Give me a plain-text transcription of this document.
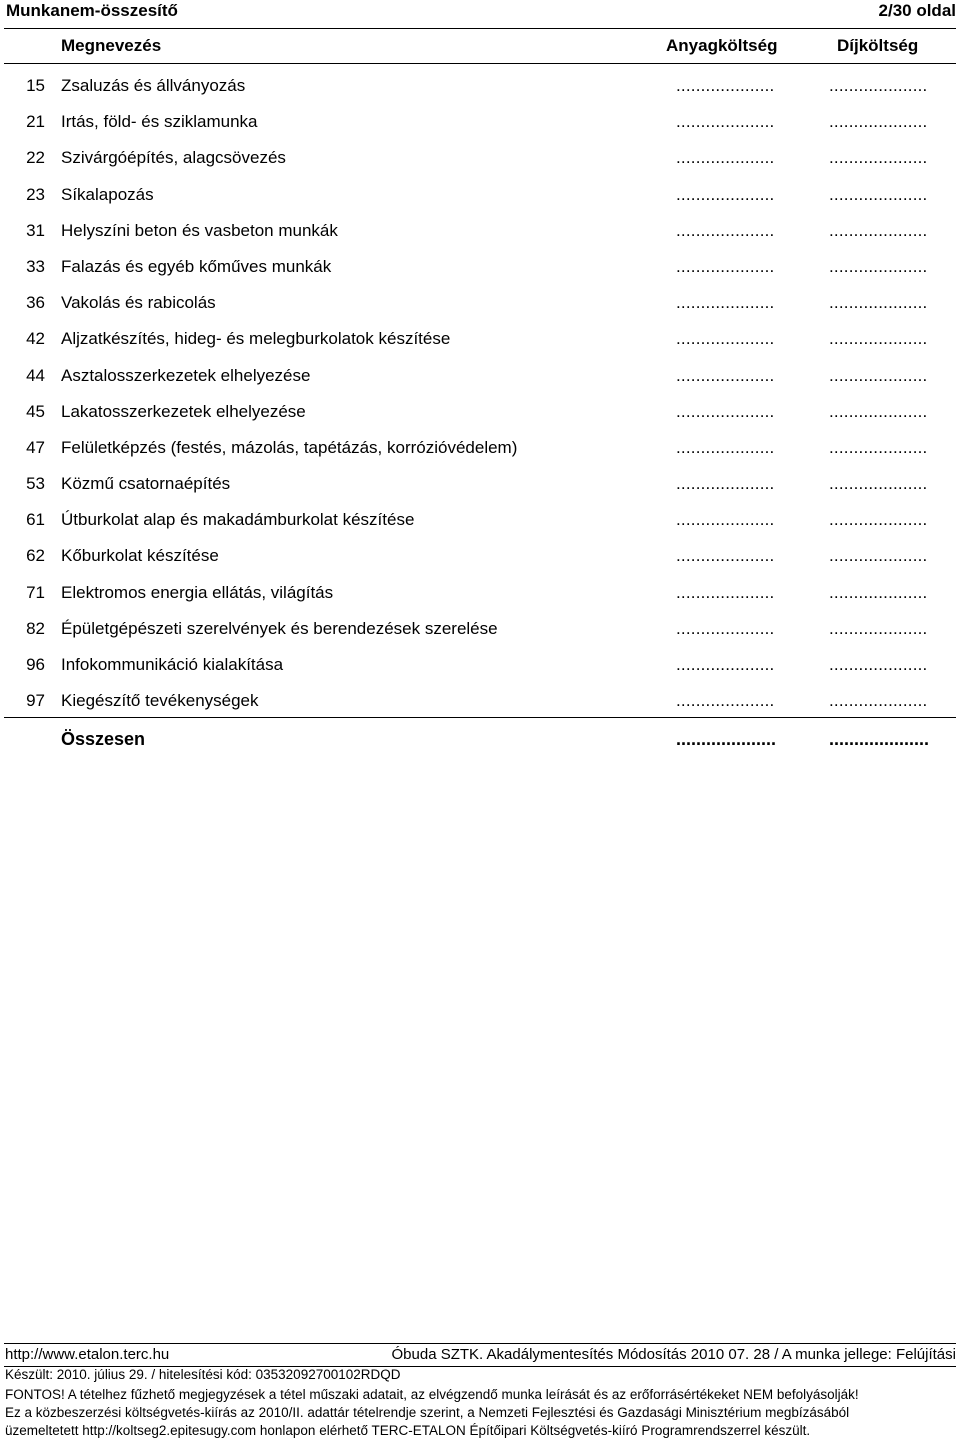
Munkanem-összesítő	2/30 oldal
Megnevezés	Anyagköltség	Díjköltség
15 Zsaluzás és állványozás	....................	....................
21 Irtás, föld- és sziklamunka	....................	....................
22 Szivárgóépítés, alagcsövezés	....................	....................
23 Síkalapozás	....................	....................
31 Helyszíni beton és vasbeton munkák	....................	....................
33 Falazás és egyéb kőműves munkák	....................	....................
36 Vakolás és rabicolás	....................	....................
42 Aljzatkészítés, hideg- és melegburkolatok készítése	....................	....................
44 Asztalosszerkezetek elhelyezése	....................	....................
45 Lakatosszerkezetek elhelyezése	....................	....................
47 Felületképzés (festés, mázolás, tapétázás, korrózióvédelem)	....................	....................
53 Közmű csatornaépítés	....................	....................
61 Útburkolat alap és makadámburkolat készítése	....................	....................
62 Kőburkolat készítése	....................	....................
71 Elektromos energia ellátás, világítás	....................	....................
82 Épületgépészeti szerelvények és berendezések szerelése	....................	....................
96 Infokommunikáció kialakítása	....................	....................
97 Kiegészítő tevékenységek	....................	....................
Összesen	....................	....................
http://www.etalon.terc.hu	Óbuda SZTK. Akadálymentesítés Módosítás 2010 07. 28 / A munka jellege: Felújítási
Készült: 2010. július 29. / hitelesítési kód: 03532092700102RDQD
FONTOS! A tételhez fűzhető megjegyzések a tétel műszaki adatait, az elvégzendő munka leírását és az erőforrásértékeket NEM befolyásolják!
Ez a közbeszerzési költségvetés-kiírás az 2010/II. adattár tételrendje szerint, a Nemzeti Fejlesztési és Gazdasági Minisztérium megbízásából
üzemeltetett http://koltseg2.epitesugy.com honlapon elérhető TERC-ETALON Építőipari Költségvetés-kiíró Programrendszerrel készült.
